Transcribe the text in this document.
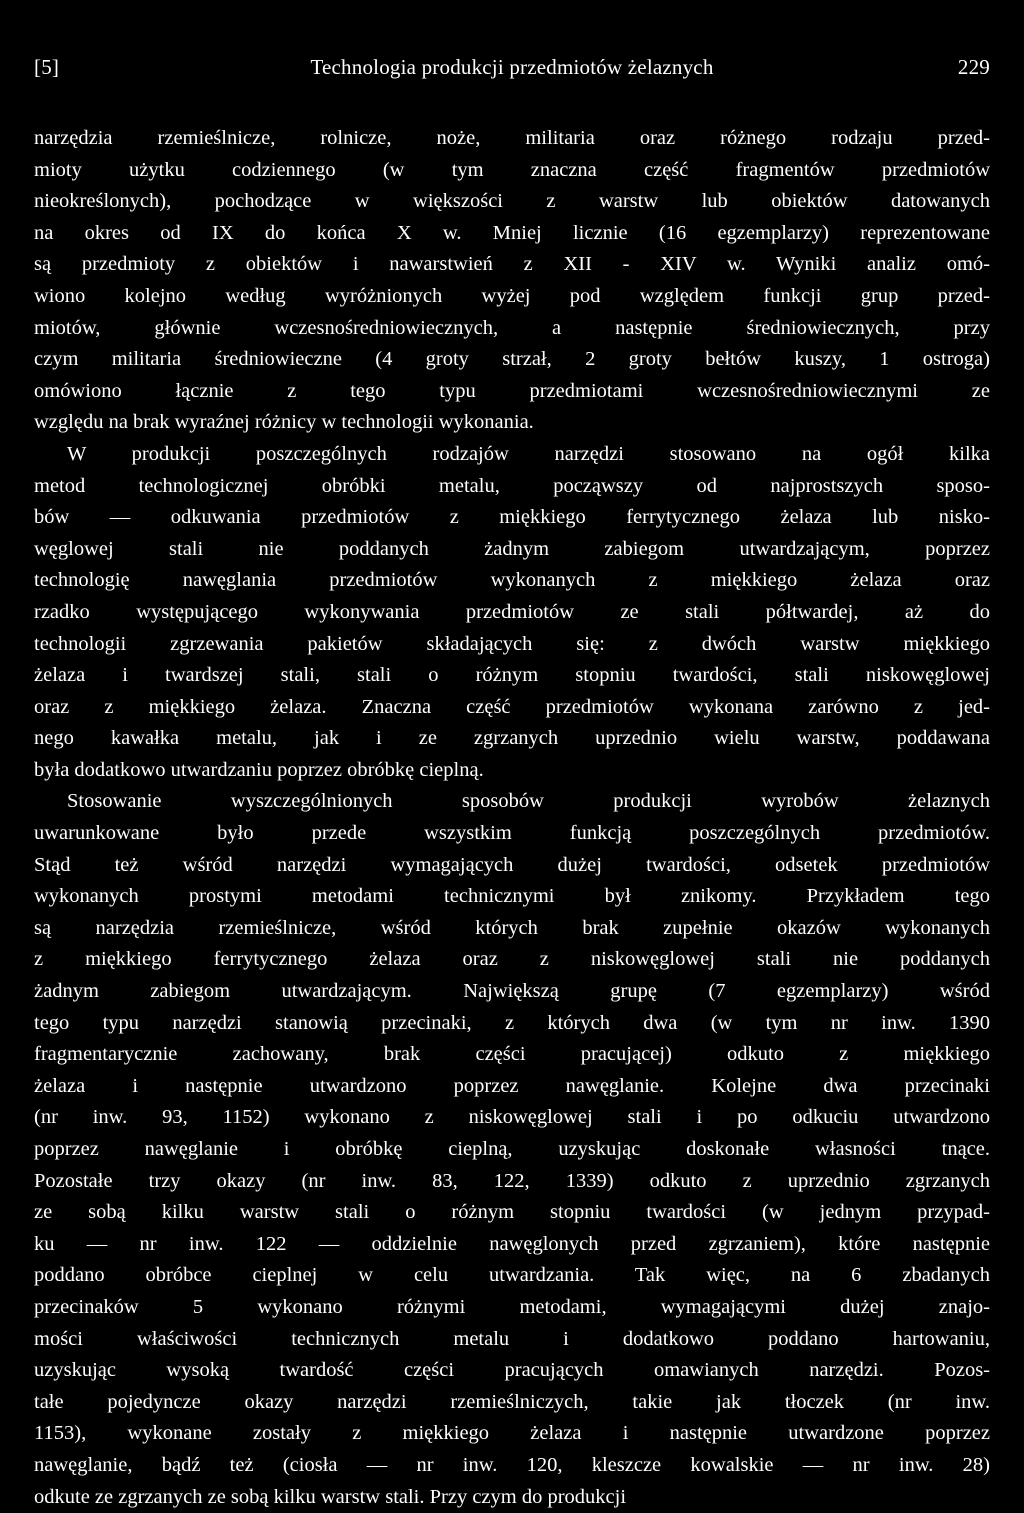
[5]	Technologia produkcji przedmiotów żelaznych	229
narzędzia rzemieślnicze, rolnicze, noże, militaria oraz różnego rodzaju przed-
mioty użytku codziennego (w tym znaczna część fragmentów przedmiotów
nieokreślonych), pochodzące w większości z warstw lub obiektów datowanych
na okres od IX do końca X w. Mniej licznie (16 egzemplarzy) reprezentowane
są przedmioty z obiektów i nawarstwień z XII - XIV w. Wyniki analiz omó-
wiono kolejno według wyróżnionych wyżej pod względem funkcji grup przed-
miotów, głównie wczesnośredniowiecznych, a następnie średniowiecznych, przy
czym militaria średniowieczne (4 groty strzał, 2 groty bełtów kuszy, 1 ostroga)
omówiono łącznie z tego typu przedmiotami wczesnośredniowiecznymi ze
względu na brak wyraźnej różnicy w technologii wykonania.
W produkcji poszczególnych rodzajów narzędzi stosowano na ogół kilka
metod technologicznej obróbki metalu, począwszy od najprostszych sposo-
bów — odkuwania przedmiotów z miękkiego ferrytycznego żelaza lub nisko-
węglowej stali nie poddanych żadnym zabiegom utwardzającym, poprzez
technologię nawęglania przedmiotów wykonanych z miękkiego żelaza oraz
rzadko występującego wykonywania przedmiotów ze stali półtwardej, aż do
technologii zgrzewania pakietów składających się: z dwóch warstw miękkiego
żelaza i twardszej stali, stali o różnym stopniu twardości, stali niskowęglowej
oraz z miękkiego żelaza. Znaczna część przedmiotów wykonana zarówno z jed-
nego kawałka metalu, jak i ze zgrzanych uprzednio wielu warstw, poddawana
była dodatkowo utwardzaniu poprzez obróbkę cieplną.
Stosowanie wyszczególnionych sposobów produkcji wyrobów żelaznych
uwarunkowane było przede wszystkim funkcją poszczególnych przedmiotów.
Stąd też wśród narzędzi wymagających dużej twardości, odsetek przedmiotów
wykonanych prostymi metodami technicznymi był znikomy. Przykładem tego
są narzędzia rzemieślnicze, wśród których brak zupełnie okazów wykonanych
z miękkiego ferrytycznego żelaza oraz z niskowęglowej stali nie poddanych
żadnym zabiegom utwardzającym. Największą grupę (7 egzemplarzy) wśród
tego typu narzędzi stanowią przecinaki, z których dwa (w tym nr inw. 1390
fragmentarycznie zachowany, brak części pracującej) odkuto z miękkiego
żelaza i następnie utwardzono poprzez nawęglanie. Kolejne dwa przecinaki
(nr inw. 93, 1152) wykonano z niskowęglowej stali i po odkuciu utwardzono
poprzez nawęglanie i obróbkę cieplną, uzyskując doskonałe własności tnące.
Pozostałe trzy okazy (nr inw. 83, 122, 1339) odkuto z uprzednio zgrzanych
ze sobą kilku warstw stali o różnym stopniu twardości (w jednym przypad-
ku — nr inw. 122 — oddzielnie nawęglonych przed zgrzaniem), które następnie
poddano obróbce cieplnej w celu utwardzania. Tak więc, na 6 zbadanych
przecinaków 5 wykonano różnymi metodami, wymagającymi dużej znajo-
mości właściwości technicznych metalu i dodatkowo poddano hartowaniu,
uzyskując wysoką twardość części pracujących omawianych narzędzi. Pozos-
tałe pojedyncze okazy narzędzi rzemieślniczych, takie jak tłoczek (nr inw.
1153), wykonane zostały z miękkiego żelaza i następnie utwardzone poprzez
nawęglanie, bądź też (ciosła — nr inw. 120, kleszcze kowalskie — nr inw. 28)
odkute ze zgrzanych ze sobą kilku warstw stali. Przy czym do produkcji
